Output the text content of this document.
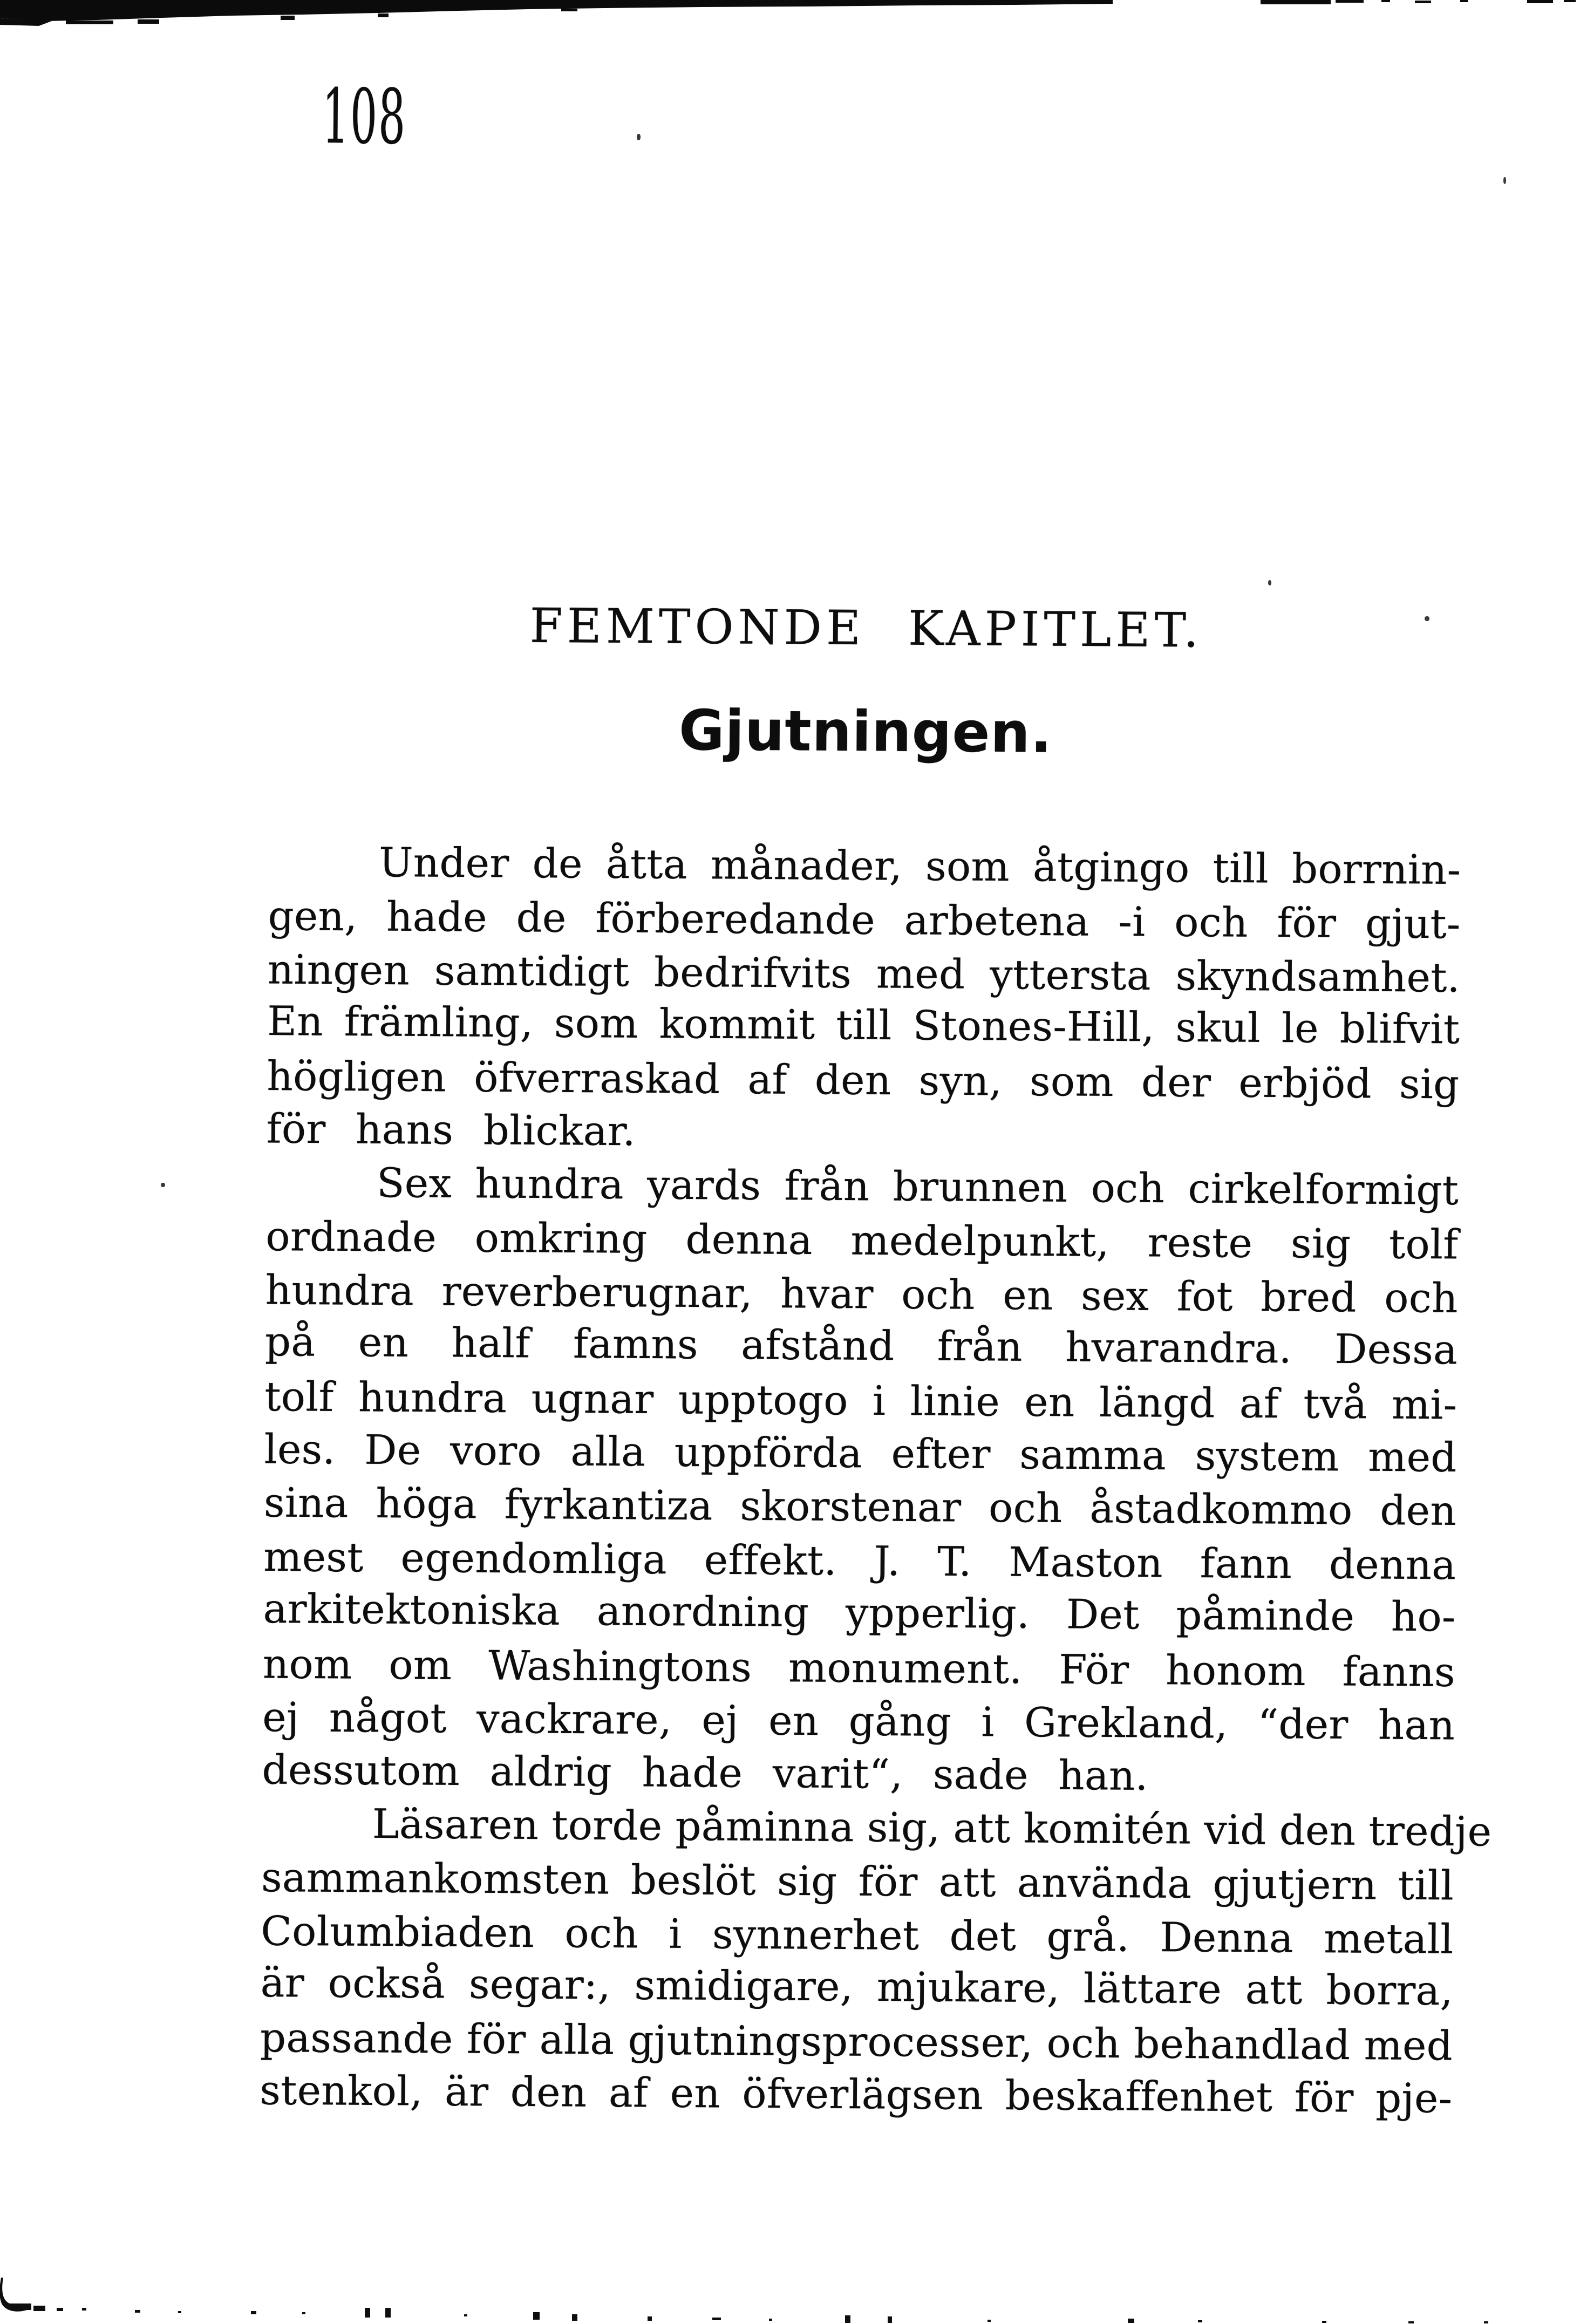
108
FEMTONDE KAPITLET.
Gjutningen.
Under de åtta månader, som åtgingo till borrnin-
gen, hade de förberedande arbetena -i och för gjut-
ningen samtidigt bedrifvits med yttersta skyndsamhet.
En främling, som kommit till Stones-Hill, skul le blifvit
högligen öfverraskad af den syn, som der erbjöd sig
för hans blickar.
Sex hundra yards från brunnen och cirkelformigt
ordnade omkring denna medelpunkt, reste sig tolf
hundra reverberugnar, hvar och en sex fot bred och
på en half famns afstånd från hvarandra. Dessa
tolf hundra ugnar upptogo i linie en längd af två mi-
les. De voro alla uppförda efter samma system med
sina höga fyrkantiza skorstenar och åstadkommo den
mest egendomliga effekt. J. T. Maston fann denna
arkitektoniska anordning ypperlig. Det påminde ho-
nom om Washingtons monument. För honom fanns
ej något vackrare, ej en gång i Grekland, “der han
dessutom aldrig hade varit“, sade han.
Läsaren torde påminna sig, att komitén vid den tredje
sammankomsten beslöt sig för att använda gjutjern till
Columbiaden och i synnerhet det grå. Denna metall
är också segar:, smidigare, mjukare, lättare att borra,
passande för alla gjutningsprocesser, och behandlad med
stenkol, är den af en öfverlägsen beskaffenhet för pje-
